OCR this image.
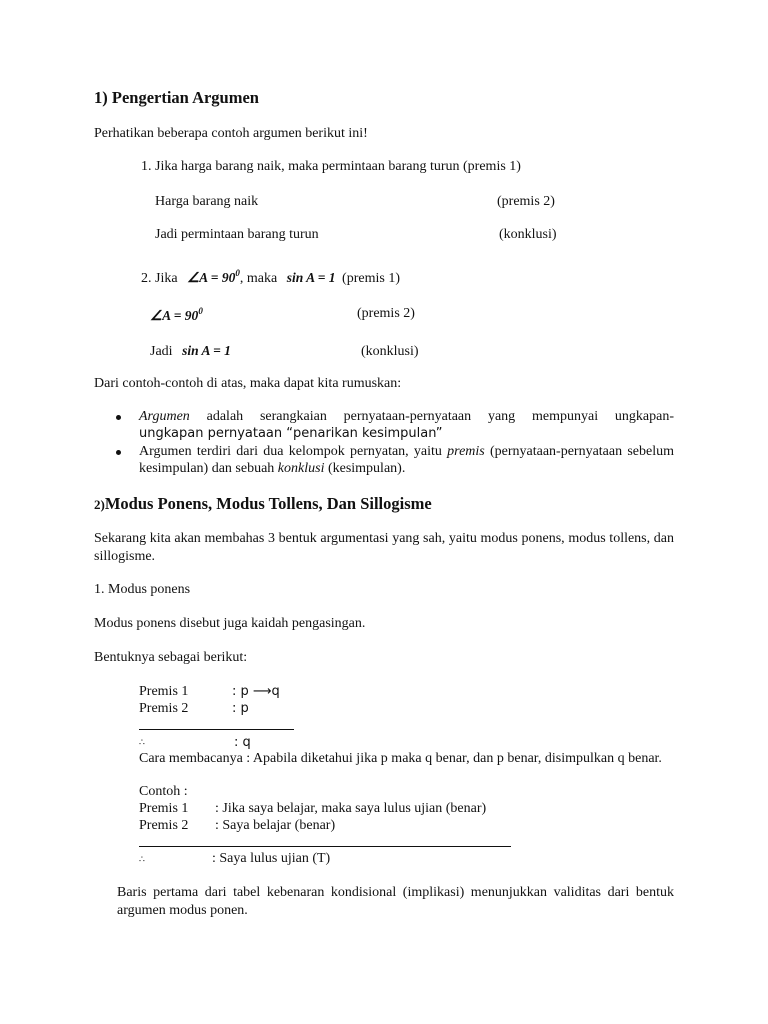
1) Pengertian Argumen
Perhatikan beberapa contoh argumen berikut ini!
1. Jika harga barang naik, maka permintaan barang turun (premis 1)
Harga barang naik	(premis 2)
Jadi permintaan barang turun	(konklusi)
2. Jika ∠A = $90^0$, maka sin A = 1 (premis 1)
∠A = $90^0$	(premis 2)
Jadi sin A = 1	(konklusi)
Dari contoh-contoh di atas, maka dapat kita rumuskan:
Argumen adalah serangkaian pernyataan-pernyataan yang mempunyai ungkapan-
ungkapan pernyataan “penarikan kesimpulan”
Argumen terdiri dari dua kelompok pernyatan, yaitu premis (pernyataan-pernyataan sebelum kesimpulan) dan sebuah konklusi (kesimpulan).
2)Modus Ponens, Modus Tollens, Dan Sillogisme
Sekarang kita akan membahas 3 bentuk argumentasi yang sah, yaitu modus ponens, modus tollens, dan sillogisme.
1. Modus ponens
Modus ponens disebut juga kaidah pengasingan.
Bentuknya sebagai berikut:
Premis 1	: p ⟶q
Premis 2	: p
∴	: q
Cara membacanya : Apabila diketahui jika p maka q benar, dan p benar, disimpulkan q benar.
Contoh :
Premis 1 : Jika saya belajar, maka saya lulus ujian (benar)
Premis 2 : Saya belajar (benar)
∴	: Saya lulus ujian (T)
Baris pertama dari tabel kebenaran kondisional (implikasi) menunjukkan validitas dari bentuk argumen modus ponen.
